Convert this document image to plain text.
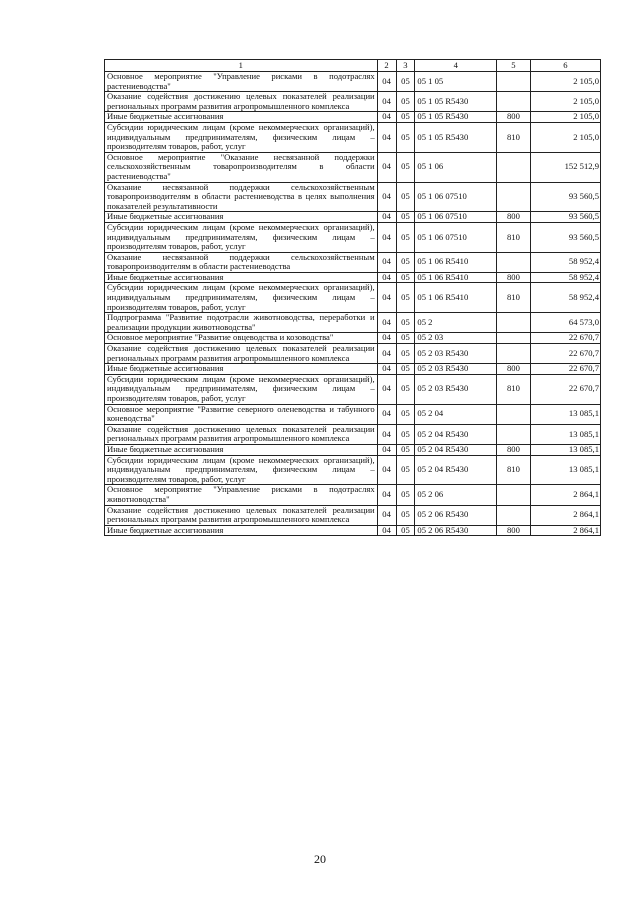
1	2	3	4	5	6
Основное мероприятие "Управление рисками в подотраслях растениеводства"	04	05	05 1 05		2 105,0
Оказание содействия достижению целевых показателей реализации региональных программ развития агропромышленного комплекса	04	05	05 1 05 R5430		2 105,0
Иные бюджетные ассигнования	04	05	05 1 05 R5430	800	2 105,0
Субсидии юридическим лицам (кроме некоммерческих организаций), индивидуальным предпринимателям, физическим лицам – производителям товаров, работ, услуг	04	05	05 1 05 R5430	810	2 105,0
Основное мероприятие "Оказание несвязанной поддержки сельскохозяйственным товаропроизводителям в области растениеводства"	04	05	05 1 06		152 512,9
Оказание несвязанной поддержки сельскохозяйственным товаропроизводителям в области растениеводства в целях выполнения показателей результативности	04	05	05 1 06 07510		93 560,5
Иные бюджетные ассигнования	04	05	05 1 06 07510	800	93 560,5
Субсидии юридическим лицам (кроме некоммерческих организаций), индивидуальным предпринимателям, физическим лицам – производителям товаров, работ, услуг	04	05	05 1 06 07510	810	93 560,5
Оказание несвязанной поддержки сельскохозяйственным товаропроизводителям в области растениеводства	04	05	05 1 06 R5410		58 952,4
Иные бюджетные ассигнования	04	05	05 1 06 R5410	800	58 952,4
Субсидии юридическим лицам (кроме некоммерческих организаций), индивидуальным предпринимателям, физическим лицам – производителям товаров, работ, услуг	04	05	05 1 06 R5410	810	58 952,4
Подпрограмма "Развитие подотрасли животноводства, переработки и реализации продукции животноводства"	04	05	05 2		64 573,0
Основное мероприятие "Развитие овцеводства и козоводства"	04	05	05 2 03		22 670,7
Оказание содействия достижению целевых показателей реализации региональных программ развития агропромышленного комплекса	04	05	05 2 03 R5430		22 670,7
Иные бюджетные ассигнования	04	05	05 2 03 R5430	800	22 670,7
Субсидии юридическим лицам (кроме некоммерческих организаций), индивидуальным предпринимателям, физическим лицам – производителям товаров, работ, услуг	04	05	05 2 03 R5430	810	22 670,7
Основное мероприятие "Развитие северного оленеводства и табунного коневодства"	04	05	05 2 04		13 085,1
Оказание содействия достижению целевых показателей реализации региональных программ развития агропромышленного комплекса	04	05	05 2 04 R5430		13 085,1
Иные бюджетные ассигнования	04	05	05 2 04 R5430	800	13 085,1
Субсидии юридическим лицам (кроме некоммерческих организаций), индивидуальным предпринимателям, физическим лицам – производителям товаров, работ, услуг	04	05	05 2 04 R5430	810	13 085,1
Основное мероприятие "Управление рисками в подотраслях животноводства"	04	05	05 2 06		2 864,1
Оказание содействия достижению целевых показателей реализации региональных программ развития агропромышленного комплекса	04	05	05 2 06 R5430		2 864,1
Иные бюджетные ассигнования	04	05	05 2 06 R5430	800	2 864,1
20
